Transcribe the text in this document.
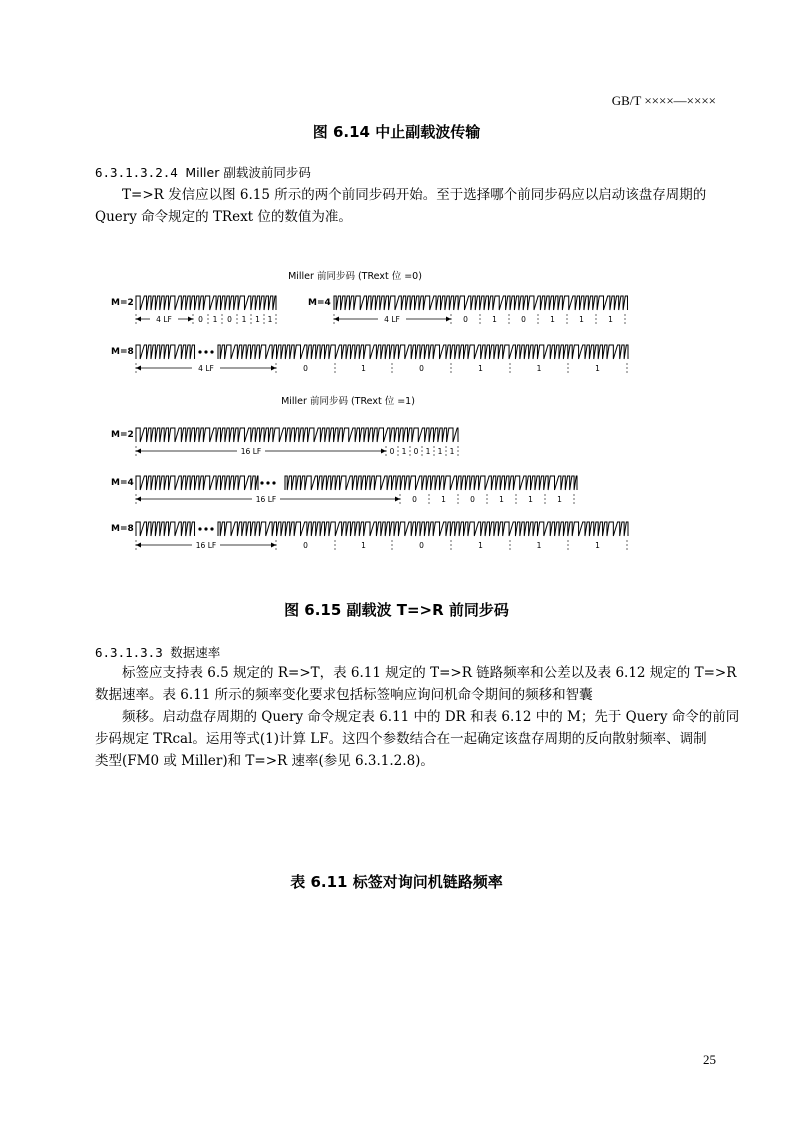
GB/T ××××—××××
图 6.14 中止副载波传输
6.3.1.3.2.4 Miller 副载波前同步码
T=>R 发信应以图 6.15 所示的两个前同步码开始。至于选择哪个前同步码应以启动该盘存周期的
Query 命令规定的 TRext 位的数值为准。
Miller 前同步码 (TRext 位 =0)
Miller 前同步码 (TRext 位 =1)
M=2
4 LF	0 1 0 1 1 1
M=4
4 LF	0	1	0	1	1	1
M=8
4 LF	0	1	0	1	1	1
M=2
16 LF	0 1 0 1 1 1
M=4
16 LF	0	1	0	1	1	1
M=8
16 LF	0	1	0	1	1	1
图 6.15 副载波 T=>R 前同步码
6.3.1.3.3 数据速率
标签应支持表 6.5 规定的 R=>T，表 6.11 规定的 T=>R 链路频率和公差以及表 6.12 规定的 T=>R
数据速率。表 6.11 所示的频率变化要求包括标签响应询问机命令期间的频移和智囊
频移。启动盘存周期的 Query 命令规定表 6.11 中的 DR 和表 6.12 中的 M；先于 Query 命令的前同
步码规定 TRcal。运用等式(1)计算 LF。这四个参数结合在一起确定该盘存周期的反向散射频率、调制
类型(FM0 或 Miller)和 T=>R 速率(参见 6.3.1.2.8)。
表 6.11 标签对询问机链路频率
25
